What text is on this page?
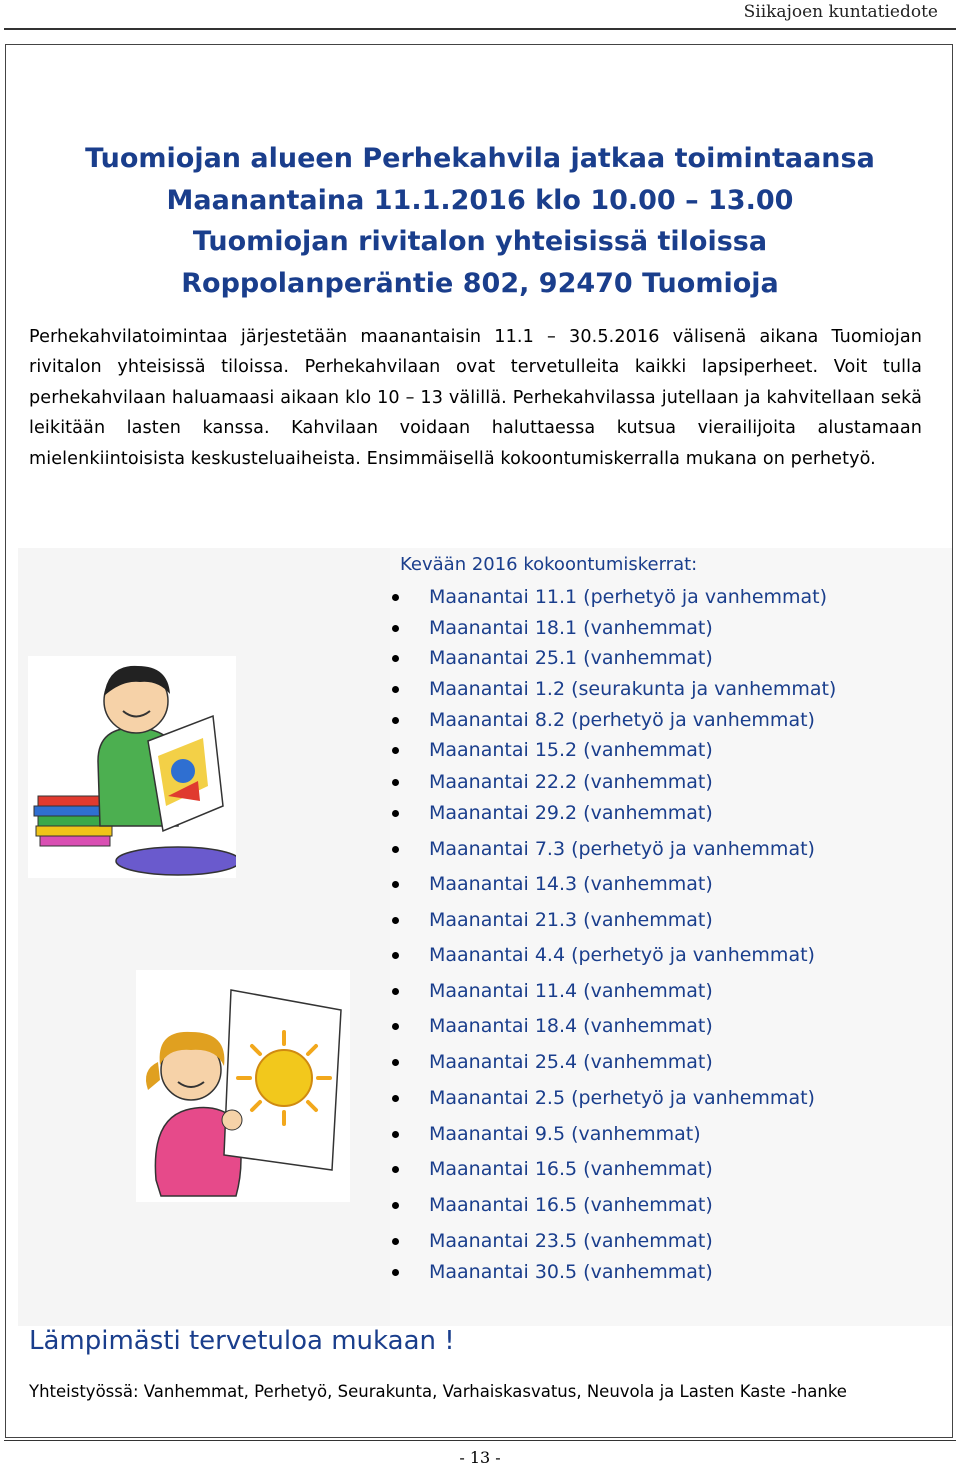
Siikajoen kuntatiedote
Tuomiojan alueen Perhekahvila jatkaa toimintaansa
Maanantaina 11.1.2016 klo 10.00 – 13.00
Tuomiojan rivitalon yhteisissä tiloissa
Roppolanperäntie 802, 92470 Tuomioja

Perhekahvilatoimintaa järjestetään maanantaisin 11.1 – 30.5.2016 välisenä aikana Tuomiojan rivitalon yhteisissä tiloissa. Perhekahvilaan ovat tervetulleita kaikki lapsiperheet. Voit tulla perhekahvilaan haluamaasi aikaan klo 10 – 13 välillä. Perhekahvilassa jutellaan ja kahvitellaan sekä leikitään lasten kanssa. Kahvilaan voidaan haluttaessa kutsua vierailijoita alustamaan mielenkiintoisista keskusteluaiheista. Ensimmäisellä kokoontumiskerralla mukana on perhetyö.

Kevään 2016 kokoontumiskerrat:
Maanantai 11.1 (perhetyö ja vanhemmat)
Maanantai 18.1 (vanhemmat)
Maanantai 25.1 (vanhemmat)
Maanantai 1.2 (seurakunta ja vanhemmat)
Maanantai 8.2 (perhetyö ja vanhemmat)
Maanantai 15.2 (vanhemmat)
Maanantai 22.2 (vanhemmat)
Maanantai 29.2 (vanhemmat)
Maanantai 7.3 (perhetyö ja vanhemmat)
Maanantai 14.3 (vanhemmat)
Maanantai 21.3 (vanhemmat)
Maanantai 4.4 (perhetyö ja vanhemmat)
Maanantai 11.4 (vanhemmat)
Maanantai 18.4 (vanhemmat)
Maanantai 25.4 (vanhemmat)
Maanantai 2.5 (perhetyö ja vanhemmat)
Maanantai 9.5 (vanhemmat)
Maanantai 16.5 (vanhemmat)
Maanantai 16.5 (vanhemmat)
Maanantai 23.5 (vanhemmat)
Maanantai 30.5 (vanhemmat)
Lämpimästi tervetuloa mukaan !
Yhteistyössä: Vanhemmat, Perhetyö, Seurakunta, Varhaiskasvatus, Neuvola ja Lasten Kaste -hanke
- 13 -
